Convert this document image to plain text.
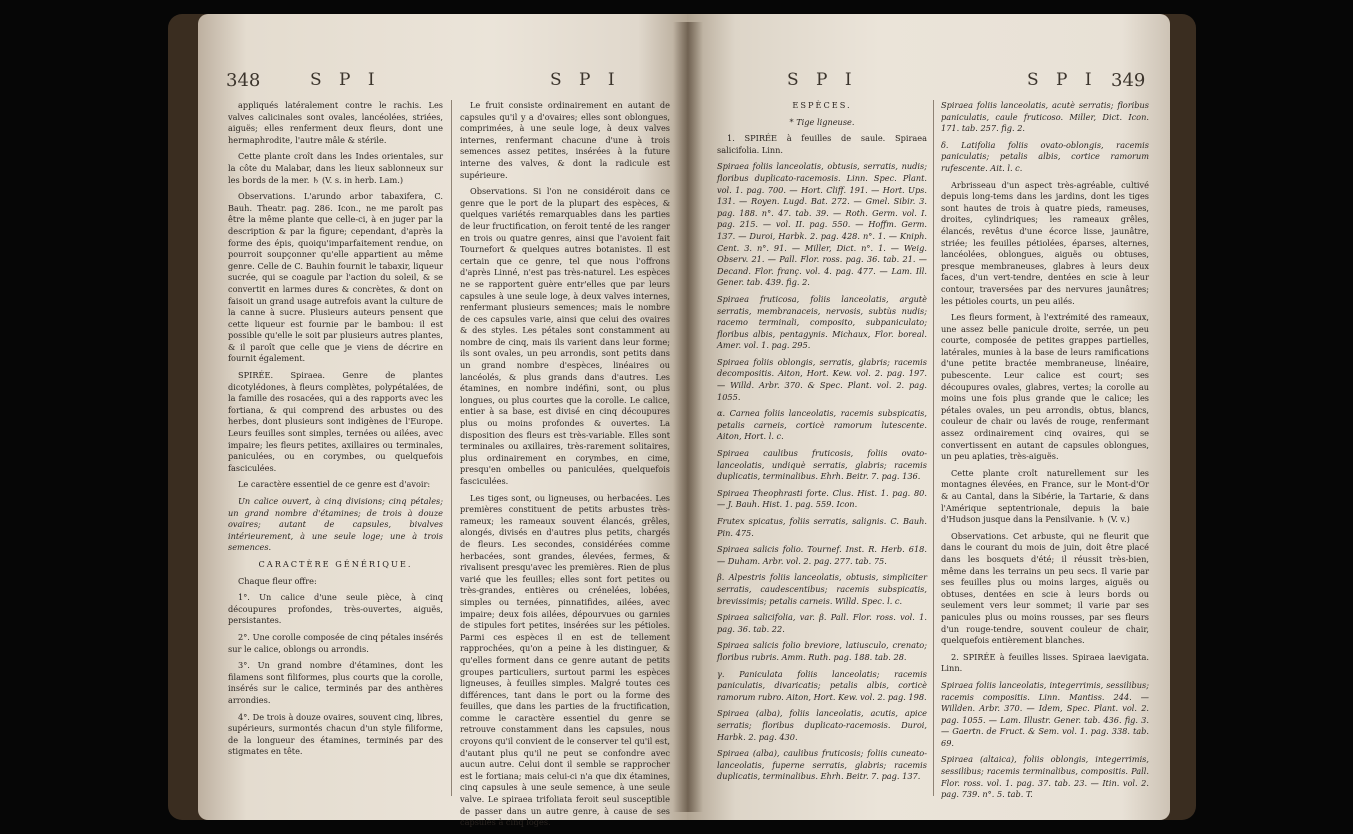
348	S P I	S P I

appliqués latéralement contre le rachis. Les valves calicinales sont ovales, lancéolées, striées, aiguës; elles renferment deux fleurs, dont une hermaphrodite, l'autre mâle & stérile.

Cette plante croît dans les Indes orientales, sur la côte du Malabar, dans les lieux sablonneux sur les bords de la mer. ♄ (V. s. in herb. Lam.)

Observations. L'arundo arbor tabaxifera, C. Bauh. Theatr. pag. 286. Icon., ne me paroît pas être la même plante que celle-ci, à en juger par la description & par la figure; cependant, d'après la forme des épis, quoiqu'imparfaitement rendue, on pourroit soupçonner qu'elle appartient au même genre. Celle de C. Bauhin fournit le tabaxir, liqueur sucrée, qui se coagule par l'action du soleil, & se convertit en larmes dures & concrètes, & dont on faisoit un grand usage autrefois avant la culture de la canne à sucre. Plusieurs auteurs pensent que cette liqueur est fournie par le bambou: il est possible qu'elle le soit par plusieurs autres plantes, & il paroît que celle que je viens de décrire en fournit également.

SPIRÉE. Spiraea. Genre de plantes dicotylédones, à fleurs complètes, polypétalées, de la famille des rosacées, qui a des rapports avec les fortiana, & qui comprend des arbustes ou des herbes, dont plusieurs sont indigènes de l'Europe. Leurs feuilles sont simples, ternées ou ailées, avec impaire; les fleurs petites, axillaires ou terminales, paniculées, ou en corymbes, ou quelquefois fasciculées.

Le caractère essentiel de ce genre est d'avoir:

Un calice ouvert, à cinq divisions; cinq pétales; un grand nombre d'étamines; de trois à douze ovaires; autant de capsules, bivalves intérieurement, à une seule loge; une à trois semences.

CARACTÈRE GÉNÉRIQUE.

Chaque fleur offre:

1°. Un calice d'une seule pièce, à cinq découpures profondes, très-ouvertes, aiguës, persistantes.

2°. Une corolle composée de cinq pétales insérés sur le calice, oblongs ou arrondis.

3°. Un grand nombre d'étamines, dont les filamens sont filiformes, plus courts que la corolle, insérés sur le calice, terminés par des anthères arrondies.

4°. De trois à douze ovaires, souvent cinq, libres, supérieurs, surmontés chacun d'un style filiforme, de la longueur des étamines, terminés par des stigmates en tête.

Le fruit consiste ordinairement en autant de capsules qu'il y a d'ovaires; elles sont oblongues, comprimées, à une seule loge, à deux valves internes, renfermant chacune d'une à trois semences assez petites, insérées à la future interne des valves, & dont la radicule est supérieure.

Observations. Si l'on ne considéroit dans ce genre que le port de la plupart des espèces, & quelques variétés remarquables dans les parties de leur fructification, on feroit tenté de les ranger en trois ou quatre genres, ainsi que l'avoient fait Tournefort & quelques autres botanistes. Il est certain que ce genre, tel que nous l'offrons d'après Linné, n'est pas très-naturel. Les espèces ne se rapportent guère entr'elles que par leurs capsules à une seule loge, à deux valves internes, renfermant plusieurs semences; mais le nombre de ces capsules varie, ainsi que celui des ovaires & des styles. Les pétales sont constamment au nombre de cinq, mais ils varient dans leur forme; ils sont ovales, un peu arrondis, sont petits dans un grand nombre d'espèces, linéaires ou lancéolés, & plus grands dans d'autres. Les étamines, en nombre indéfini, sont, ou plus longues, ou plus courtes que la corolle. Le calice, entier à sa base, est divisé en cinq découpures plus ou moins profondes & ouvertes. La disposition des fleurs est très-variable. Elles sont terminales ou axillaires, très-rarement solitaires, plus ordinairement en corymbes, en cime, presqu'en ombelles ou paniculées, quelquefois fasciculées.

Les tiges sont, ou ligneuses, ou herbacées. Les premières constituent de petits arbustes très-rameux; les rameaux souvent élancés, grêles, alongés, divisés en d'autres plus petits, chargés de fleurs. Les secondes, considérées comme herbacées, sont grandes, élevées, fermes, & rivalisent presqu'avec les premières. Rien de plus varié que les feuilles; elles sont fort petites ou très-grandes, entières ou crénelées, lobées, simples ou ternées, pinnatifides, ailées, avec impaire; deux fois ailées, dépourvues ou garnies de stipules fort petites, insérées sur les pétioles. Parmi ces espèces il en est de tellement rapprochées, qu'on a peine à les distinguer, & qu'elles forment dans ce genre autant de petits groupes particuliers, surtout parmi les espèces ligneuses, à feuilles simples. Malgré toutes ces différences, tant dans le port ou la forme des feuilles, que dans les parties de la fructification, comme le caractère essentiel du genre se retrouve constamment dans les capsules, nous croyons qu'il convient de le conserver tel qu'il est, d'autant plus qu'il ne peut se confondre avec aucun autre. Celui dont il semble se rapprocher est le fortiana; mais celui-ci n'a que dix étamines, cinq capsules à une seule semence, à une seule valve. Le spiraea trifoliata feroit seul susceptible de passer dans un autre genre, à cause de ses capsules à cinq loges.

S P I	S P I 349

ESPÈCES.

* Tige ligneuse.

1. SPIRÉE à feuilles de saule. Spiraea salicifolia. Linn.

Spiraea foliis lanceolatis, obtusis, serratis, nudis; floribus duplicato-racemosis. Linn. Spec. Plant. vol. 1. pag. 700. — Hort. Cliff. 191. — Hort. Ups. 131. — Royen. Lugd. Bat. 272. — Gmel. Sibir. 3. pag. 188. n°. 47. tab. 39. — Roth. Germ. vol. I. pag. 215. — vol. II. pag. 550. — Hoffm. Germ. 137. — Duroi, Harbk. 2. pag. 428. n°. 1. — Kniph. Cent. 3. n°. 91. — Miller, Dict. n°. 1. — Weig. Observ. 21. — Pall. Flor. ross. pag. 36. tab. 21. — Decand. Flor. franç. vol. 4. pag. 477. — Lam. Ill. Gener. tab. 439. fig. 2.

Spiraea fruticosa, foliis lanceolatis, argutè serratis, membranaceis, nervosis, subtùs nudis; racemo terminali, composito, subpaniculato; floribus albis, pentagynis. Michaux, Flor. boreal. Amer. vol. 1. pag. 295.

Spiraea foliis oblongis, serratis, glabris; racemis decompositis. Aiton, Hort. Kew. vol. 2. pag. 197. — Willd. Arbr. 370. & Spec. Plant. vol. 2. pag. 1055.

α. Carnea foliis lanceolatis, racemis subspicatis, petalis carneis, corticè ramorum lutescente. Aiton, Hort. l. c.

Spiraea caulibus fruticosis, foliis ovato-lanceolatis, undiquè serratis, glabris; racemis duplicatis, terminalibus. Ehrh. Beitr. 7. pag. 136.

Spiraea Theophrasti forte. Clus. Hist. 1. pag. 80. — J. Bauh. Hist. 1. pag. 559. Icon.

Frutex spicatus, foliis serratis, salignis. C. Bauh. Pin. 475.

Spiraea salicis folio. Tournef. Inst. R. Herb. 618. — Duham. Arbr. vol. 2. pag. 277. tab. 75.

β. Alpestris foliis lanceolatis, obtusis, simpliciter serratis, caudescentibus; racemis subspicatis, brevissimis; petalis carneis. Willd. Spec. l. c.

Spiraea salicifolia, var. β. Pall. Flor. ross. vol. 1. pag. 36. tab. 22.

Spiraea salicis folio breviore, latiusculo, crenato; floribus rubris. Amm. Ruth. pag. 188. tab. 28.

γ. Paniculata foliis lanceolatis; racemis paniculatis, divaricatis; petalis albis, corticè ramorum rubro. Aiton, Hort. Kew. vol. 2. pag. 198.

Spiraea (alba), foliis lanceolatis, acutis, apice serratis; floribus duplicato-racemosis. Duroi, Harbk. 2. pag. 430.

Spiraea (alba), caulibus fruticosis; foliis cuneato-lanceolatis, fuperne serratis, glabris; racemis duplicatis, terminalibus. Ehrh. Beitr. 7. pag. 137.

Spiraea foliis lanceolatis, acutè serratis; floribus paniculatis, caule fruticoso. Miller, Dict. Icon. 171. tab. 257. fig. 2.

δ. Latifolia foliis ovato-oblongis, racemis paniculatis; petalis albis, cortice ramorum rufescente. Ait. l. c.

Arbrisseau d'un aspect très-agréable, cultivé depuis long-tems dans les jardins, dont les tiges sont hautes de trois à quatre pieds, rameuses, droites, cylindriques; les rameaux grêles, élancés, revêtus d'une écorce lisse, jaunâtre, striée; les feuilles pétiolées, éparses, alternes, lancéolées, oblongues, aiguës ou obtuses, presque membraneuses, glabres à leurs deux faces, d'un vert-tendre, dentées en scie à leur contour, traversées par des nervures jaunâtres; les pétioles courts, un peu ailés.

Les fleurs forment, à l'extrémité des rameaux, une assez belle panicule droite, serrée, un peu courte, composée de petites grappes partielles, latérales, munies à la base de leurs ramifications d'une petite bractée membraneuse, linéaire, pubescente. Leur calice est court; ses découpures ovales, glabres, vertes; la corolle au moins une fois plus grande que le calice; les pétales ovales, un peu arrondis, obtus, blancs, couleur de chair ou lavés de rouge, renfermant assez ordinairement cinq ovaires, qui se convertissent en autant de capsules oblongues, un peu aplaties, très-aiguës.

Cette plante croît naturellement sur les montagnes élevées, en France, sur le Mont-d'Or & au Cantal, dans la Sibérie, la Tartarie, & dans l'Amérique septentrionale, depuis la baie d'Hudson jusque dans la Pensilvanie. ♄ (V. v.)

Observations. Cet arbuste, qui ne fleurit que dans le courant du mois de juin, doit être placé dans les bosquets d'été; il réussit très-bien, même dans les terrains un peu secs. Il varie par ses feuilles plus ou moins larges, aiguës ou obtuses, dentées en scie à leurs bords ou seulement vers leur sommet; il varie par ses panicules plus ou moins rousses, par ses fleurs d'un rouge-tendre, souvent couleur de chair, quelquefois entièrement blanches.

2. SPIRÉE à feuilles lisses. Spiraea laevigata. Linn.

Spiraea foliis lanceolatis, integerrimis, sessilibus; racemis compositis. Linn. Mantiss. 244. — Willden. Arbr. 370. — Idem, Spec. Plant. vol. 2. pag. 1055. — Lam. Illustr. Gener. tab. 436. fig. 3. — Gaertn. de Fruct. & Sem. vol. 1. pag. 338. tab. 69.

Spiraea (altaica), foliis oblongis, integerrimis, sessilibus; racemis terminalibus, compositis. Pall. Flor. ross. vol. 1. pag. 37. tab. 23. — Itin. vol. 2. pag. 739. n°. 5. tab. T.
